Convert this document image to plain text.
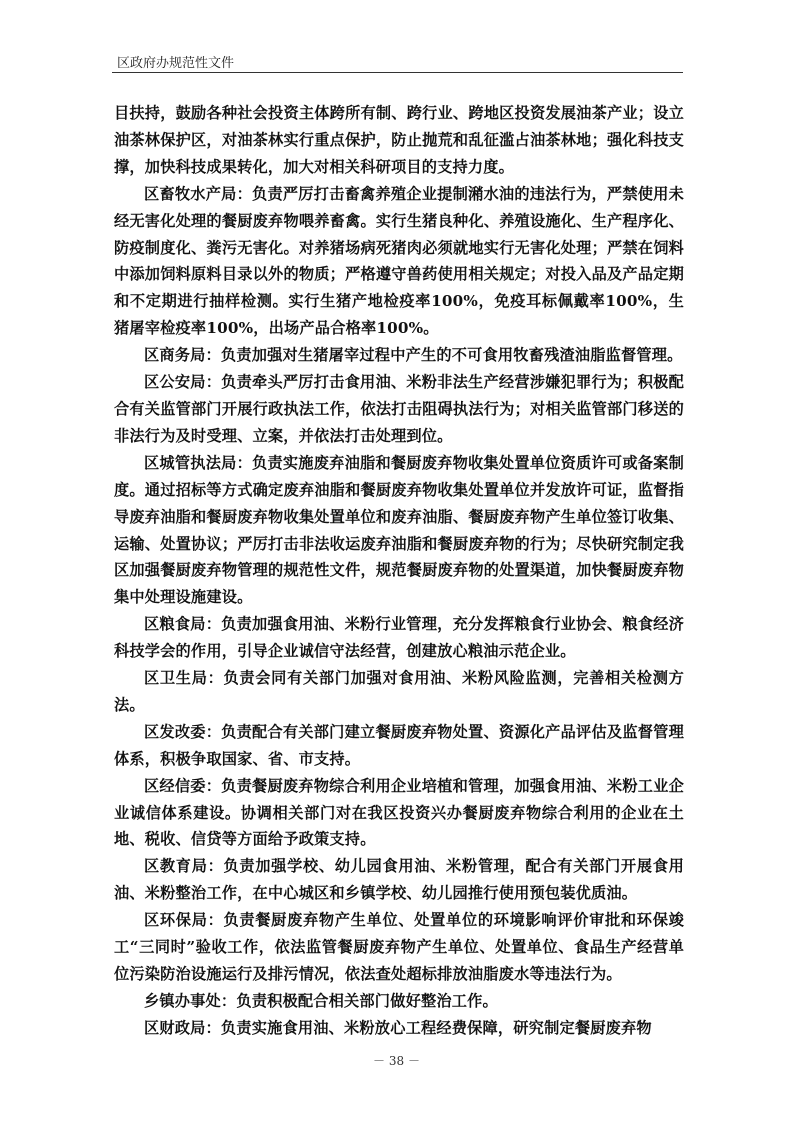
区政府办规范性文件

目扶持，鼓励各种社会投资主体跨所有制、跨行业、跨地区投资发展油茶产业；设立油茶林保护区，对油茶林实行重点保护，防止抛荒和乱征滥占油茶林地；强化科技支撑，加快科技成果转化，加大对相关科研项目的支持力度。

区畜牧水产局：负责严厉打击畜禽养殖企业提制潲水油的违法行为，严禁使用未经无害化处理的餐厨废弃物喂养畜禽。实行生猪良种化、养殖设施化、生产程序化、防疫制度化、粪污无害化。对养猪场病死猪肉必须就地实行无害化处理；严禁在饲料中添加饲料原料目录以外的物质；严格遵守兽药使用相关规定；对投入品及产品定期和不定期进行抽样检测。实行生猪产地检疫率100%，免疫耳标佩戴率100%，生猪屠宰检疫率100%，出场产品合格率100%。

区商务局：负责加强对生猪屠宰过程中产生的不可食用牧畜残渣油脂监督管理。

区公安局：负责牵头严厉打击食用油、米粉非法生产经营涉嫌犯罪行为；积极配合有关监管部门开展行政执法工作，依法打击阻碍执法行为；对相关监管部门移送的非法行为及时受理、立案，并依法打击处理到位。

区城管执法局：负责实施废弃油脂和餐厨废弃物收集处置单位资质许可或备案制度。通过招标等方式确定废弃油脂和餐厨废弃物收集处置单位并发放许可证，监督指导废弃油脂和餐厨废弃物收集处置单位和废弃油脂、餐厨废弃物产生单位签订收集、运输、处置协议；严厉打击非法收运废弃油脂和餐厨废弃物的行为；尽快研究制定我区加强餐厨废弃物管理的规范性文件，规范餐厨废弃物的处置渠道，加快餐厨废弃物集中处理设施建设。

区粮食局：负责加强食用油、米粉行业管理，充分发挥粮食行业协会、粮食经济科技学会的作用，引导企业诚信守法经营，创建放心粮油示范企业。

区卫生局：负责会同有关部门加强对食用油、米粉风险监测，完善相关检测方法。

区发改委：负责配合有关部门建立餐厨废弃物处置、资源化产品评估及监督管理体系，积极争取国家、省、市支持。

区经信委：负责餐厨废弃物综合利用企业培植和管理，加强食用油、米粉工业企业诚信体系建设。协调相关部门对在我区投资兴办餐厨废弃物综合利用的企业在土地、税收、信贷等方面给予政策支持。

区教育局：负责加强学校、幼儿园食用油、米粉管理，配合有关部门开展食用油、米粉整治工作，在中心城区和乡镇学校、幼儿园推行使用预包装优质油。

区环保局：负责餐厨废弃物产生单位、处置单位的环境影响评价审批和环保竣工“三同时”验收工作，依法监管餐厨废弃物产生单位、处置单位、食品生产经营单位污染防治设施运行及排污情况，依法查处超标排放油脂废水等违法行为。

乡镇办事处：负责积极配合相关部门做好整治工作。

区财政局：负责实施食用油、米粉放心工程经费保障，研究制定餐厨废弃物

－ 38 －
